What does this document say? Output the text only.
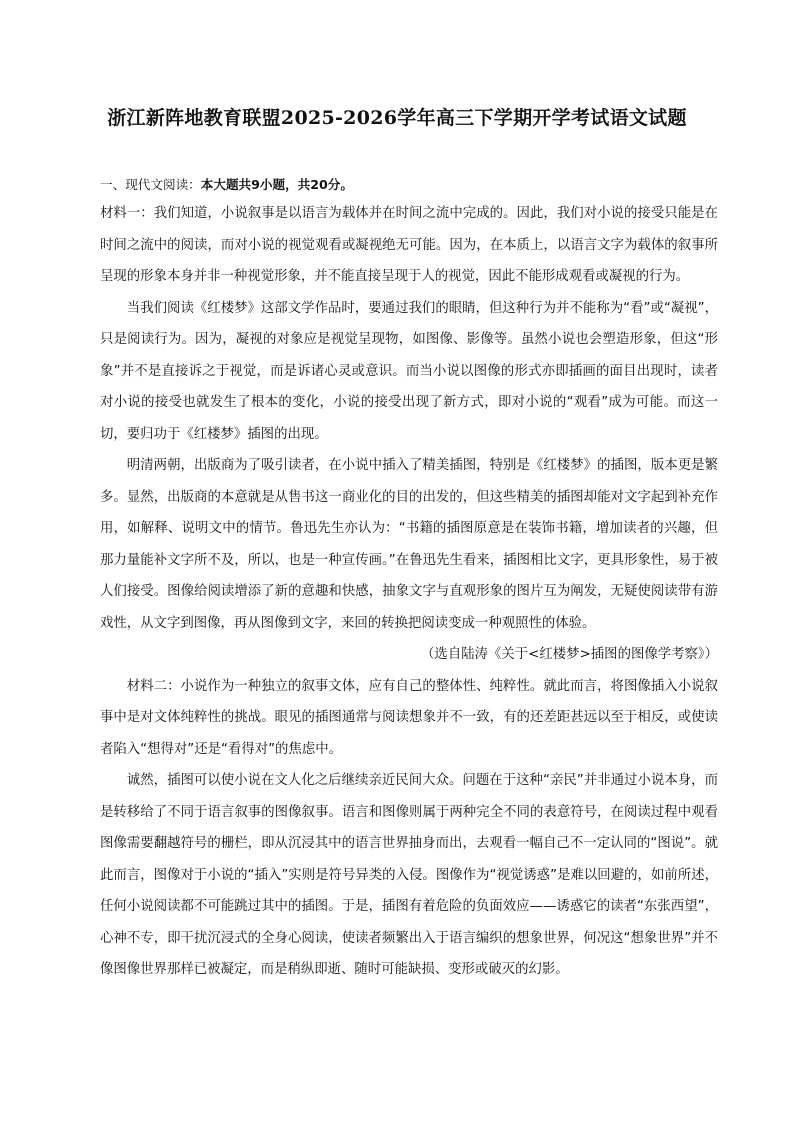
浙江新阵地教育联盟2025-2026学年高三下学期开学考试语文试题

一、现代文阅读：本大题共9小题，共20分。

材料一：我们知道，小说叙事是以语言为载体并在时间之流中完成的。因此，我们对小说的接受只能是在时间之流中的阅读，而对小说的视觉观看或凝视绝无可能。因为，在本质上，以语言文字为载体的叙事所呈现的形象本身并非一种视觉形象，并不能直接呈现于人的视觉，因此不能形成观看或凝视的行为。

当我们阅读《红楼梦》这部文学作品时，要通过我们的眼睛，但这种行为并不能称为“看”或“凝视”，只是阅读行为。因为，凝视的对象应是视觉呈现物，如图像、影像等。虽然小说也会塑造形象，但这“形象”并不是直接诉之于视觉，而是诉诸心灵或意识。而当小说以图像的形式亦即插画的面目出现时，读者对小说的接受也就发生了根本的变化，小说的接受出现了新方式，即对小说的“观看”成为可能。而这一切，要归功于《红楼梦》插图的出现。

明清两朝，出版商为了吸引读者，在小说中插入了精美插图，特别是《红楼梦》的插图，版本更是繁多。显然，出版商的本意就是从售书这一商业化的目的出发的，但这些精美的插图却能对文字起到补充作用，如解释、说明文中的情节。鲁迅先生亦认为：“书籍的插图原意是在装饰书籍，增加读者的兴趣，但那力量能补文字所不及，所以，也是一种宣传画。”在鲁迅先生看来，插图相比文字，更具形象性，易于被人们接受。图像给阅读增添了新的意趣和快感，抽象文字与直观形象的图片互为阐发，无疑使阅读带有游戏性，从文字到图像，再从图像到文字，来回的转换把阅读变成一种观照性的体验。

（选自陆涛《关于<红楼梦>插图的图像学考察》）

材料二：小说作为一种独立的叙事文体，应有自己的整体性、纯粹性。就此而言，将图像插入小说叙事中是对文体纯粹性的挑战。眼见的插图通常与阅读想象并不一致，有的还差距甚远以至于相反，或使读者陷入“想得对”还是“看得对”的焦虑中。

诚然，插图可以使小说在文人化之后继续亲近民间大众。问题在于这种“亲民”并非通过小说本身，而是转移给了不同于语言叙事的图像叙事。语言和图像则属于两种完全不同的表意符号，在阅读过程中观看图像需要翻越符号的栅栏，即从沉浸其中的语言世界抽身而出，去观看一幅自己不一定认同的“图说”。就此而言，图像对于小说的“插入”实则是符号异类的入侵。图像作为“视觉诱惑”是难以回避的，如前所述，任何小说阅读都不可能跳过其中的插图。于是，插图有着危险的负面效应——诱惑它的读者“东张西望”，心神不专，即干扰沉浸式的全身心阅读，使读者频繁出入于语言编织的想象世界，何况这“想象世界”并不像图像世界那样已被凝定，而是稍纵即逝、随时可能缺损、变形或破灭的幻影。
